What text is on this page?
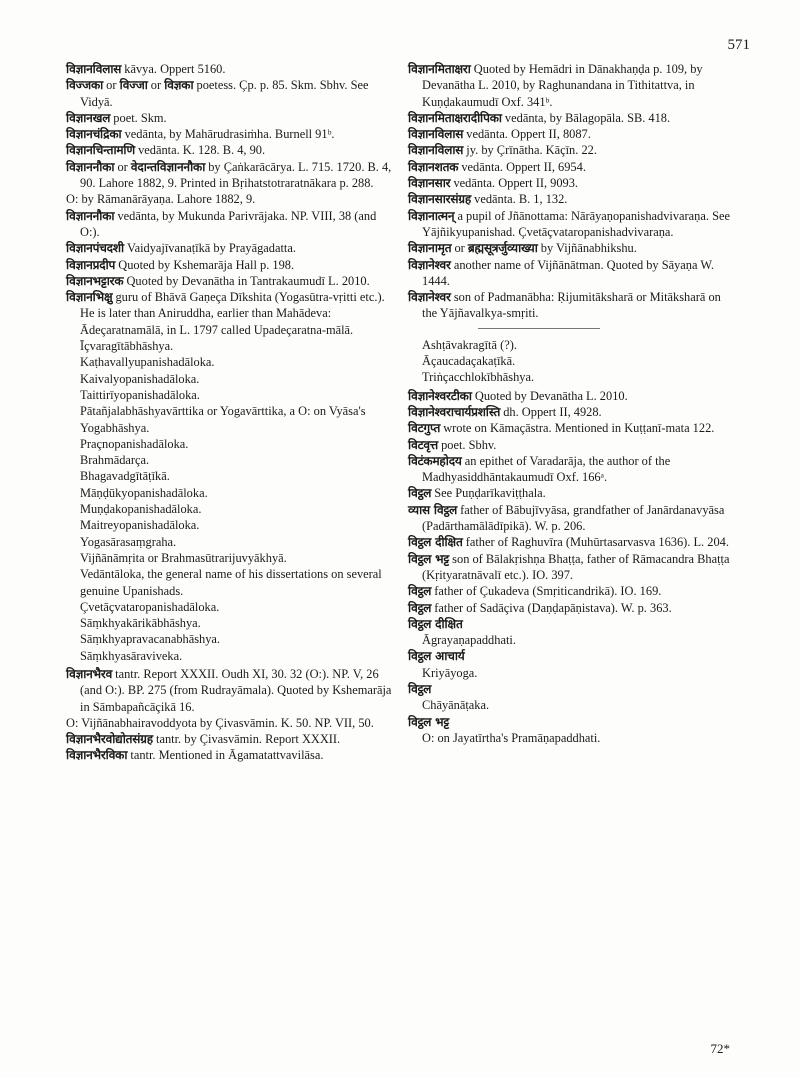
571

विज्ञानविलास kāvya. Oppert 5160.

विज्जका or विज्जा or विज्ञका poetess. Çp. p. 85. Skm. Sbhv. See Vidyā.

विज्ञानखल poet. Skm.

विज्ञानचंद्रिका vedānta, by Mahārudrasiṁha. Burnell 91ᵇ.

विज्ञानचिन्तामणि vedānta. K. 128. B. 4, 90.

विज्ञाननौका or वेदान्तविज्ञाननौका by Çaṅkarācārya. L. 715. 1720. B. 4, 90. Lahore 1882, 9. Printed in Bṛihatstotraratnākara p. 288.

O: by Rāmanārāyaṇa. Lahore 1882, 9.

विज्ञाननौका vedānta, by Mukunda Parivrājaka. NP. VIII, 38 (and O:).

विज्ञानपंचदशी Vaidyajīvanaṭīkā by Prayāgadatta.

विज्ञानप्रदीप Quoted by Kshemarāja Hall p. 198.

विज्ञानभट्टारक Quoted by Devanātha in Tantrakaumudī L. 2010.

विज्ञानभिक्षु guru of Bhāvā Gaṇeça Dīkshita (Yogasūtra-vṛitti etc.). He is later than Aniruddha, earlier than Mahādeva:

Ādeçaratnamālā, in L. 1797 called Upadeçaratna-mālā.

Īçvaragītābhāshya.

Kaṭhavallyupanishadāloka.

Kaivalyopanishadāloka.

Taittirīyopanishadāloka.

Pātañjalabhāshyavārttika or Yogavārttika, a O: on Vyāsa's Yogabhāshya.

Praçnopanishadāloka.

Brahmādarça.

Bhagavadgītāṭīkā.

Māṇḍūkyopanishadāloka.

Muṇḍakopanishadāloka.

Maitreyopanishadāloka.

Yogasārasaṃgraha.

Vijñānāmṛita or Brahmasūtrarijuvyākhyā.

Vedāntāloka, the general name of his dissertations on several genuine Upanishads.

Çvetāçvataropanishadāloka.

Sāṃkhyakārikābhāshya.

Sāṃkhyapravacanabhāshya.

Sāṃkhyasāraviveka.

विज्ञानभैरव tantr. Report XXXII. Oudh XI, 30. 32 (O:). NP. V, 26 (and O:). BP. 275 (from Rudrayāmala). Quoted by Kshemarāja in Sāmbapañcāçikā 16.

O: Vijñānabhairavoddyota by Çivasvāmin. K. 50. NP. VII, 50.

विज्ञानभैरवोद्योतसंग्रह tantr. by Çivasvāmin. Report XXXII.

विज्ञानभैरविका tantr. Mentioned in Āgamatattvavilāsa.

विज्ञानमिताक्षरा Quoted by Hemādri in Dānakhaṇḍa p. 109, by Devanātha L. 2010, by Raghunandana in Tithitattva, in Kuṇḍakaumudī Oxf. 341ᵇ.

विज्ञानमिताक्षरादीपिका vedānta, by Bālagopāla. SB. 418.

विज्ञानविलास vedānta. Oppert II, 8087.

विज्ञानविलास jy. by Çrīnātha. Kāçīn. 22.

विज्ञानशतक vedānta. Oppert II, 6954.

विज्ञानसार vedānta. Oppert II, 9093.

विज्ञानसारसंग्रह vedānta. B. 1, 132.

विज्ञानात्मन् a pupil of Jñānottama: Nārāyaṇopanishadvivaraṇa. See Yājñikyupanishad. Çvetāçvataropanishadvivaraṇa.

विज्ञानामृत or ब्रह्मसूत्रर्जुव्याख्या by Vijñānabhikshu.

विज्ञानेश्वर another name of Vijñānātman. Quoted by Sāyaṇa W. 1444.

विज्ञानेश्वर son of Padmanābha: Ṛijumitāksharā or Mitāksharā on the Yājñavalkya-smṛiti.

Ashṭāvakragītā (?).

Āçaucadaçakaṭīkā.

Triṅçacchlokībhāshya.

विज्ञानेश्वरटीका Quoted by Devanātha L. 2010.

विज्ञानेश्वराचार्यप्रशस्ति dh. Oppert II, 4928.

विटगुप्त wrote on Kāmaçāstra. Mentioned in Kuṭṭanī-mata 122.

विटवृत्त poet. Sbhv.

विटंकमहोदय an epithet of Varadarāja, the author of the Madhyasiddhāntakaumudī Oxf. 166ᵃ.

विट्ठल See Puṇḍarīkaviṭṭhala.

व्यास विट्ठल father of Bābujīvyāsa, grandfather of Janārdanavyāsa (Padārthamālādīpikā). W. p. 206.

विट्ठल दीक्षित father of Raghuvīra (Muhūrtasarvasva 1636). L. 204.

विट्ठल भट्ट son of Bālakṛishṇa Bhaṭṭa, father of Rāmacandra Bhaṭṭa (Kṛityaratnāvalī etc.). IO. 397.

विट्ठल father of Çukadeva (Smṛiticandrikā). IO. 169.

विट्ठल father of Sadāçiva (Daṇḍapāṇistava). W. p. 363.

विट्ठल दीक्षित

Āgrayaṇapaddhati.

विट्ठल आचार्य

Kriyāyoga.

विट्ठल

Chāyānāṭaka.

विट्ठल भट्ट

O: on Jayatīrtha's Pramāṇapaddhati.

72*
